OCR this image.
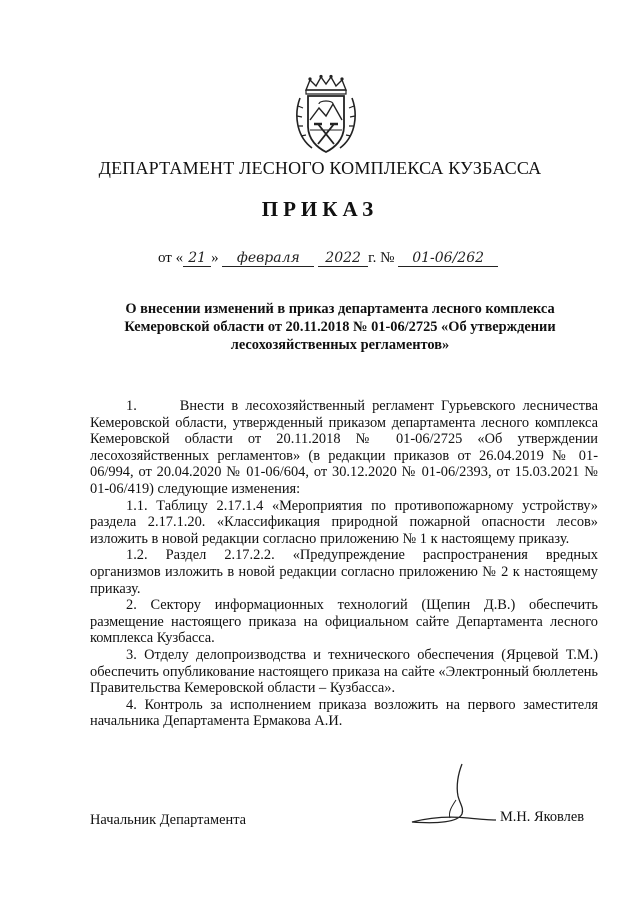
ДЕПАРТАМЕНТ ЛЕСНОГО КОМПЛЕКСА КУЗБАССА
ПРИКАЗ
от « 21 » февраля 2022 г. № 01-06/262
О внесении изменений в приказ департамента лесного комплекса Кемеровской области от 20.11.2018 № 01-06/2725 «Об утверждении лесохозяйственных регламентов»

1.      Внести в лесохозяйственный регламент Гурьевского лесничества Кемеровской области, утвержденный приказом департамента лесного комплекса Кемеровской области от 20.11.2018 № 01-06/2725 «Об утверждении лесохозяйственных регламентов» (в редакции приказов от 26.04.2019 № 01-06/994, от 20.04.2020 № 01-06/604, от 30.12.2020 № 01-06/2393, от 15.03.2021 № 01-06/419) следующие изменения:

1.1. Таблицу 2.17.1.4 «Мероприятия по противопожарному устройству» раздела 2.17.1.20. «Классификация природной пожарной опасности лесов» изложить в новой редакции согласно приложению № 1 к настоящему приказу.

1.2. Раздел 2.17.2.2. «Предупреждение распространения вредных организмов изложить в новой редакции согласно приложению № 2 к настоящему приказу.

2. Сектору информационных технологий (Щепин Д.В.) обеспечить размещение настоящего приказа на официальном сайте Департамента лесного комплекса Кузбасса.

3. Отделу делопроизводства и технического обеспечения (Ярцевой Т.М.) обеспечить опубликование настоящего приказа на сайте «Электронный бюллетень Правительства Кемеровской области – Кузбасса».

4. Контроль за исполнением приказа возложить на первого заместителя начальника Департамента Ермакова А.И.

Начальник Департамента	М.Н. Яковлев
